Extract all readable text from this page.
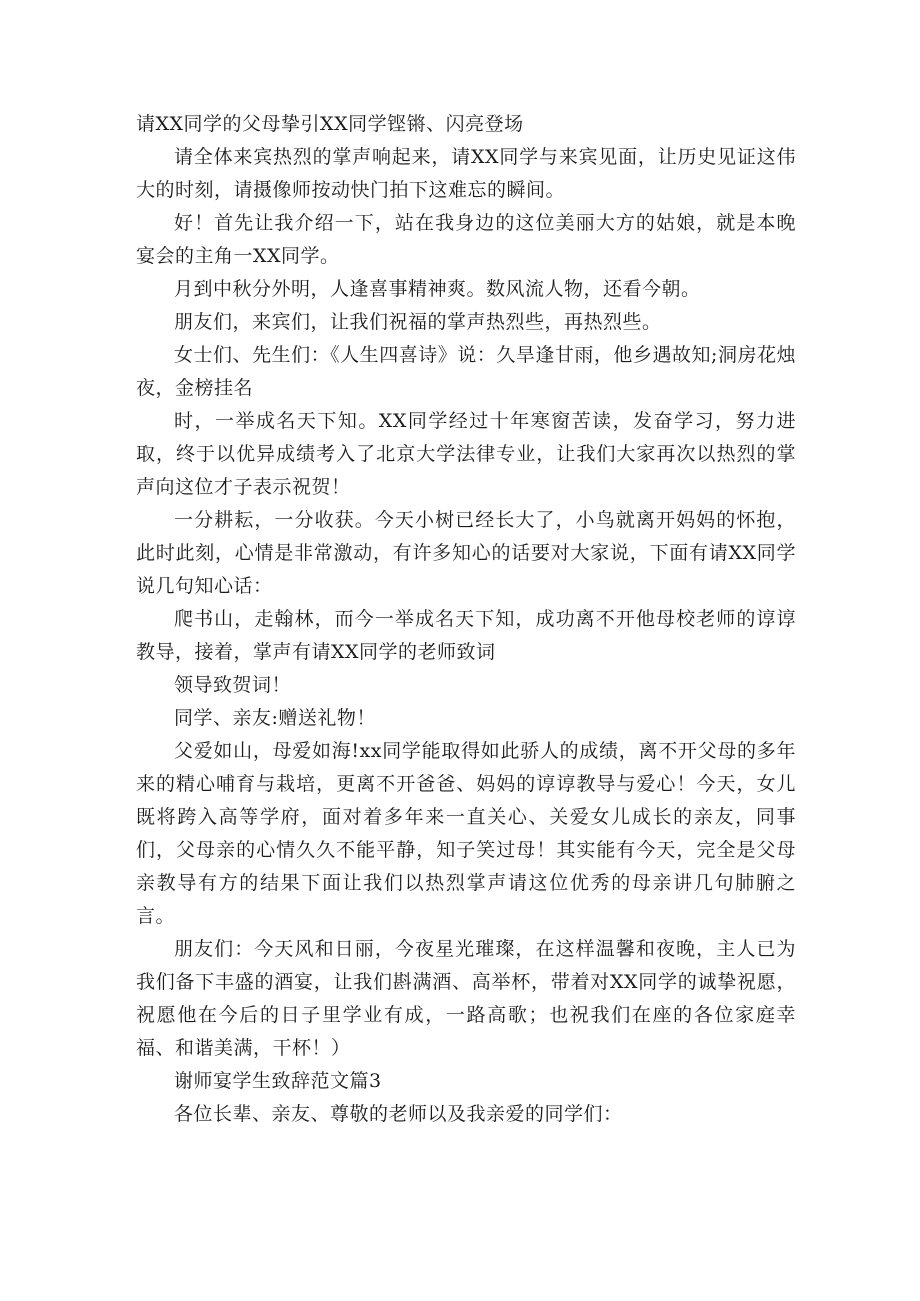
请XX同学的父母挚引XX同学铿锵、闪亮登场

请全体来宾热烈的掌声响起来，请XX同学与来宾见面，让历史见证这伟大的时刻，请摄像师按动快门拍下这难忘的瞬间。

好！首先让我介绍一下，站在我身边的这位美丽大方的姑娘，就是本晚宴会的主角一XX同学。

月到中秋分外明，人逢喜事精神爽。数风流人物，还看今朝。

朋友们，来宾们，让我们祝福的掌声热烈些，再热烈些。

女士们、先生们：《人生四喜诗》说：久旱逢甘雨，他乡遇故知;洞房花烛夜，金榜挂名

时，一举成名天下知。XX同学经过十年寒窗苦读，发奋学习，努力进取，终于以优异成绩考入了北京大学法律专业，让我们大家再次以热烈的掌声向这位才子表示祝贺！

一分耕耘，一分收获。今天小树已经长大了，小鸟就离开妈妈的怀抱，此时此刻，心情是非常激动，有许多知心的话要对大家说，下面有请XX同学说几句知心话：

爬书山，走翰林，而今一举成名天下知，成功离不开他母校老师的谆谆教导，接着，掌声有请XX同学的老师致词

领导致贺词！

同学、亲友:赠送礼物！

父爱如山，母爱如海!xx同学能取得如此骄人的成绩，离不开父母的多年来的精心哺育与栽培，更离不开爸爸、妈妈的谆谆教导与爱心！今天，女儿既将跨入高等学府，面对着多年来一直关心、关爱女儿成长的亲友，同事们，父母亲的心情久久不能平静，知子笑过母！其实能有今天，完全是父母亲教导有方的结果下面让我们以热烈掌声请这位优秀的母亲讲几句肺腑之言。

朋友们：今天风和日丽，今夜星光璀璨，在这样温馨和夜晚，主人已为我们备下丰盛的酒宴，让我们斟满酒、高举杯，带着对XX同学的诚挚祝愿，祝愿他在今后的日子里学业有成，一路高歌；也祝我们在座的各位家庭幸福、和谐美满，干杯！）

谢师宴学生致辞范文篇3

各位长辈、亲友、尊敬的老师以及我亲爱的同学们：
